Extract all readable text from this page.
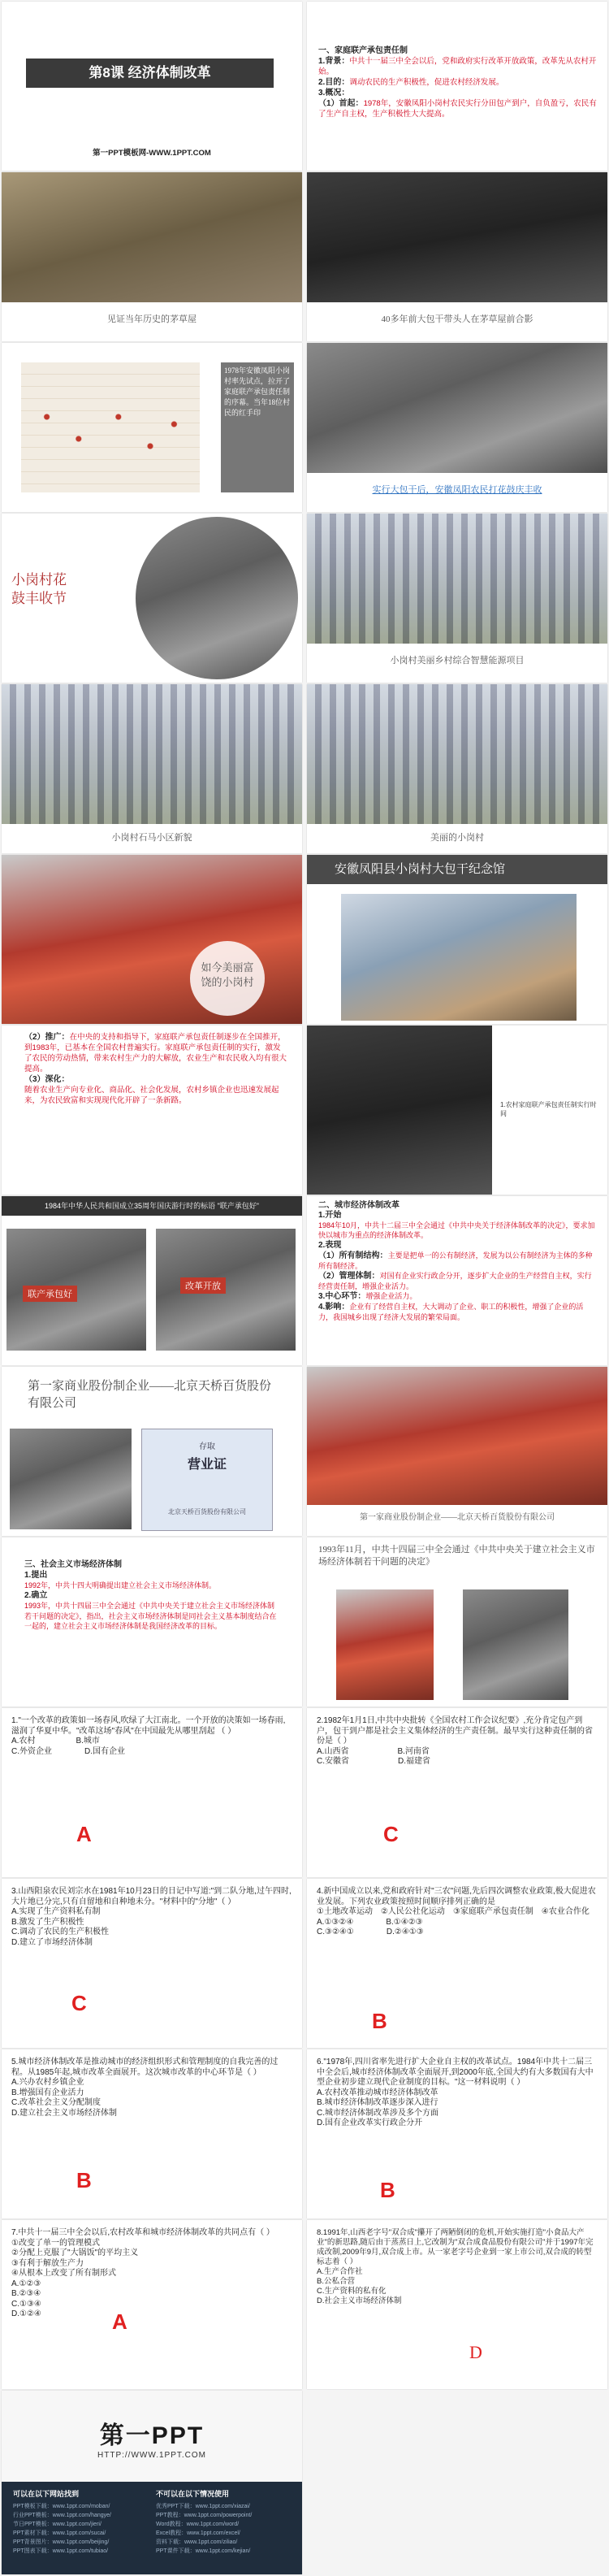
第8课 经济体制改革
第一PPT模板网-WWW.1PPT.COM
一、家庭联产承包责任制
1.背景：中共十一届三中全会以后，党和政府实行改革开放政策，改革先从农村开始。
2.目的：调动农民的生产积极性，促进农村经济发展。
3.概况：
（1）首起：1978年，安徽凤阳小岗村农民实行分田包产到户，自负盈亏，农民有了生产自主权，生产积极性大大提高。
见证当年历史的茅草屋	40多年前大包干带头人在茅草屋前合影
1978年安徽凤阳小岗村率先试点，拉开了家庭联产承包责任制的序幕。当年18位村民的红手印
实行大包干后，安徽凤阳农民打花鼓庆丰收
小岗村花鼓丰收节
小岗村美丽乡村综合智慧能源项目
小岗村石马小区新貌	美丽的小岗村
如今美丽富饶的小岗村
安徽凤阳县小岗村大包干纪念馆
（2）推广：在中央的支持和指导下，家庭联产承包责任制逐步在全国推开，到1983年，已基本在全国农村普遍实行。家庭联产承包责任制的实行，激发了农民的劳动热情，带来农村生产力的大解放，农业生产和农民收入均有很大提高。
（3）深化：
随着农业生产向专业化、商品化、社会化发展，农村乡镇企业也迅速发展起来，为农民致富和实现现代化开辟了一条新路。	1.农村家庭联产承包责任制实行时间
1984年中华人民共和国成立35周年国庆游行时的标语 "联产承包好"
联产承包好
改革开放
二、城市经济体制改革
1.开始
1984年10月，中共十二届三中全会通过《中共中央关于经济体制改革的决定》，要求加快以城市为重点的经济体制改革。
2.表现
（1）所有制结构：主要是把单一的公有制经济，发展为以公有制经济为主体的多种所有制经济。
（2）管理体制：对国有企业实行政企分开，逐步扩大企业的生产经营自主权，实行经营责任制，增强企业活力。
3.中心环节：增强企业活力。
4.影响：企业有了经营自主权，大大调动了企业、职工的积极性，增强了企业的活力，我国城乡出现了经济大发展的繁荣局面。
第一家商业股份制企业——北京天桥百货股份有限公司
存取
营业证
北京天桥百货股份有限公司
第一家商业股份制企业——北京天桥百货股份有限公司
三、社会主义市场经济体制
1.提出
1992年，中共十四大明确提出建立社会主义市场经济体制。
2.确立
1993年，中共十四届三中全会通过《中共中央关于建立社会主义市场经济体制若干问题的决定》，指出，社会主义市场经济体制是同社会主义基本制度结合在一起的，建立社会主义市场经济体制是我国经济改革的目标。
1993年11月，中共十四届三中全会通过《中共中央关于建立社会主义市场经济体制若干问题的决定》
1."一个改革的政策如一场春风,吹绿了大江南北。一个开放的决策如一场春雨,滋润了华夏中华。"改革这场"春风"在中国最先从哪里刮起 （ ）
A.农村　　　　　	B.城市
C.外资企业　　　　	D.国有企业
A
2.1982年1月1日,中共中央批转《全国农村工作会议纪要》,充分肯定包产到户，包干到户都是社会主义集体经济的生产责任制。最早实行这种责任制的省份是（ ）
A.山西省　　　　　　	B.河南省
C.安徽省　　　　　　	D.福建省
C
3.山西阳泉农民刘宗水在1981年10月23日的日记中写道:"到二队分地,过午四时,大片地已分完,只有自留地和自种地未分。"材料中的"分地"（ ）
A.实现了生产资料私有制
B.激发了生产积极性
C.调动了农民的生产积极性
D.建立了市场经济体制
C
4.新中国成立以来,党和政府针对"三农"问题,先后四次调整农业政策,极大促进农业发展。下列农业政策按照时间顺序排列正确的是
①土地改革运动　 ②人民公社化运动　 ③家庭联产承包责任制　 ④农业合作化
A.①③②④　　　　	B.①④②③
C.③②④①　　　　	D.②④①③
B
5.城市经济体制改革是推动城市的经济组织形式和管理制度的自我完善的过程。从1985年起,城市改革全面展开。这次城市改革的中心环节是（ ）
A.兴办农村乡镇企业
B.增强国有企业活力
C.改革社会主义分配制度
D.建立社会主义市场经济体制
B
6."1978年,四川省率先进行扩大企业自主权的改革试点。1984年中共十二届三中全会后,城市经济体制改革全面展开,到2000年底,全国大约有大多数国有大中型企业初步建立现代企业制度的目标。"这一材料说明（ ）
A.农村改革推动城市经济体制改革
B.城市经济体制改革逐步深入进行
C.城市经济体制改革涉及多个方面
D.国有企业改革实行政企分开
B
7.中共十一届三中全会以后,农村改革和城市经济体制改革的共同点有（ ）
①改变了单一的管理模式
②分配上克服了"大锅饭"的平均主义
③有利于解放生产力
④从根本上改变了所有制形式
A.①②③
B.②③④
C.①③④
D.①②④	A
8.1991年,山西老字号"双合成"攥开了两陋倒闭的危机,开始实施打造"小食品大产业"的新思路,随后由于蒸蒸日上,它改制为"双合成食品股份有限公司"并于1997年完成改制,2009年9月,双合成上市。从一家老字号企业到一家上市公司,双合成的转型标志着（ ）
A.生产合作社
B.公私合营
C.生产资料的私有化
D.社会主义市场经济体制
D
第一PPT
HTTP://WWW.1PPT.COM
可以在以下网站找到
PPT模板下载：www.1ppt.com/moban/
行业PPT模板：www.1ppt.com/hangye/
节日PPT模板：www.1ppt.com/jieri/
PPT素材下载：www.1ppt.com/sucai/
PPT背景图片：www.1ppt.com/beijing/
PPT图表下载：www.1ppt.com/tubiao/
不可以在以下情况使用
优秀PPT下载：www.1ppt.com/xiazai/
PPT教程：www.1ppt.com/powerpoint/
Word教程：www.1ppt.com/word/
Excel教程：www.1ppt.com/excel/
资料下载：www.1ppt.com/ziliao/
PPT课件下载：www.1ppt.com/kejian/
